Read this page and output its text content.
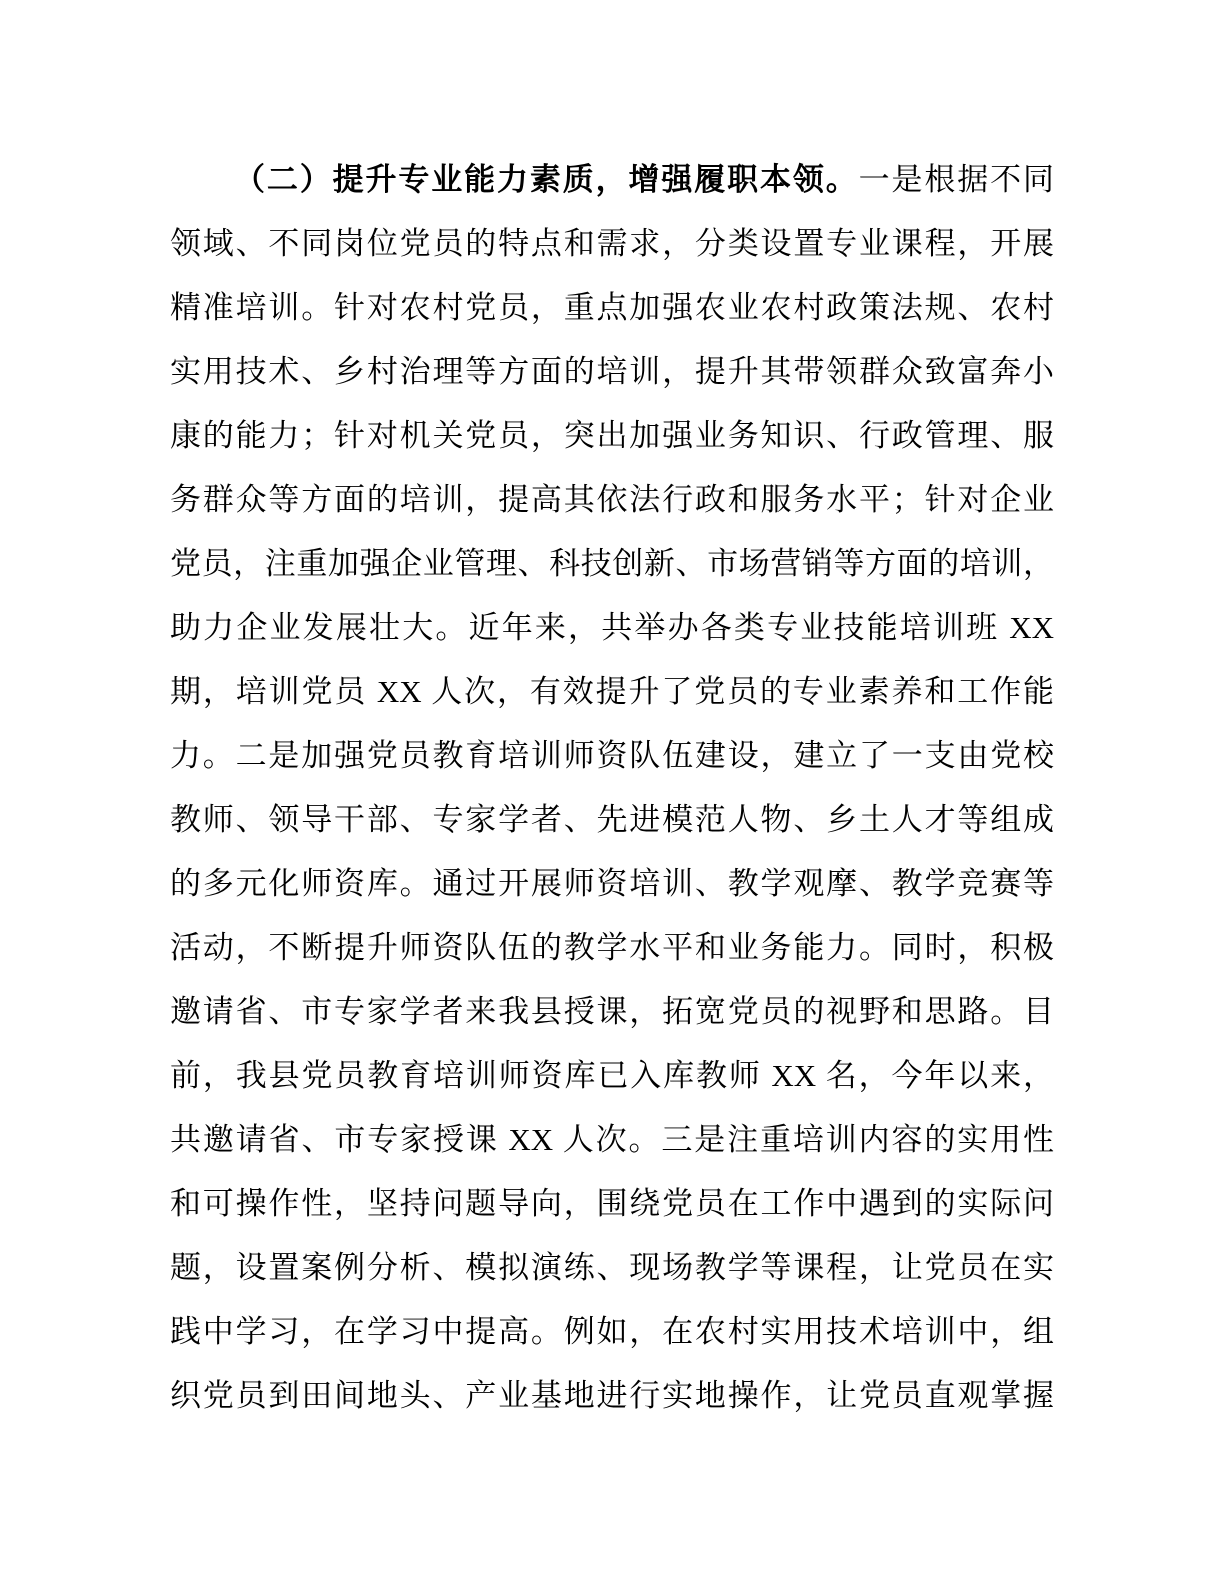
（二）提升专业能力素质，增强履职本领。一是根据不同
领域、不同岗位党员的特点和需求，分类设置专业课程，开展
精准培训。针对农村党员，重点加强农业农村政策法规、农村
实用技术、乡村治理等方面的培训，提升其带领群众致富奔小
康的能力；针对机关党员，突出加强业务知识、行政管理、服
务群众等方面的培训，提高其依法行政和服务水平；针对企业
党员，注重加强企业管理、科技创新、市场营销等方面的培训，
助力企业发展壮大。近年来，共举办各类专业技能培训班 XX
期，培训党员 XX 人次，有效提升了党员的专业素养和工作能
力。二是加强党员教育培训师资队伍建设，建立了一支由党校
教师、领导干部、专家学者、先进模范人物、乡土人才等组成
的多元化师资库。通过开展师资培训、教学观摩、教学竞赛等
活动，不断提升师资队伍的教学水平和业务能力。同时，积极
邀请省、市专家学者来我县授课，拓宽党员的视野和思路。目
前，我县党员教育培训师资库已入库教师 XX 名，今年以来，
共邀请省、市专家授课 XX 人次。三是注重培训内容的实用性
和可操作性，坚持问题导向，围绕党员在工作中遇到的实际问
题，设置案例分析、模拟演练、现场教学等课程，让党员在实
践中学习，在学习中提高。例如，在农村实用技术培训中，组
织党员到田间地头、产业基地进行实地操作，让党员直观掌握
